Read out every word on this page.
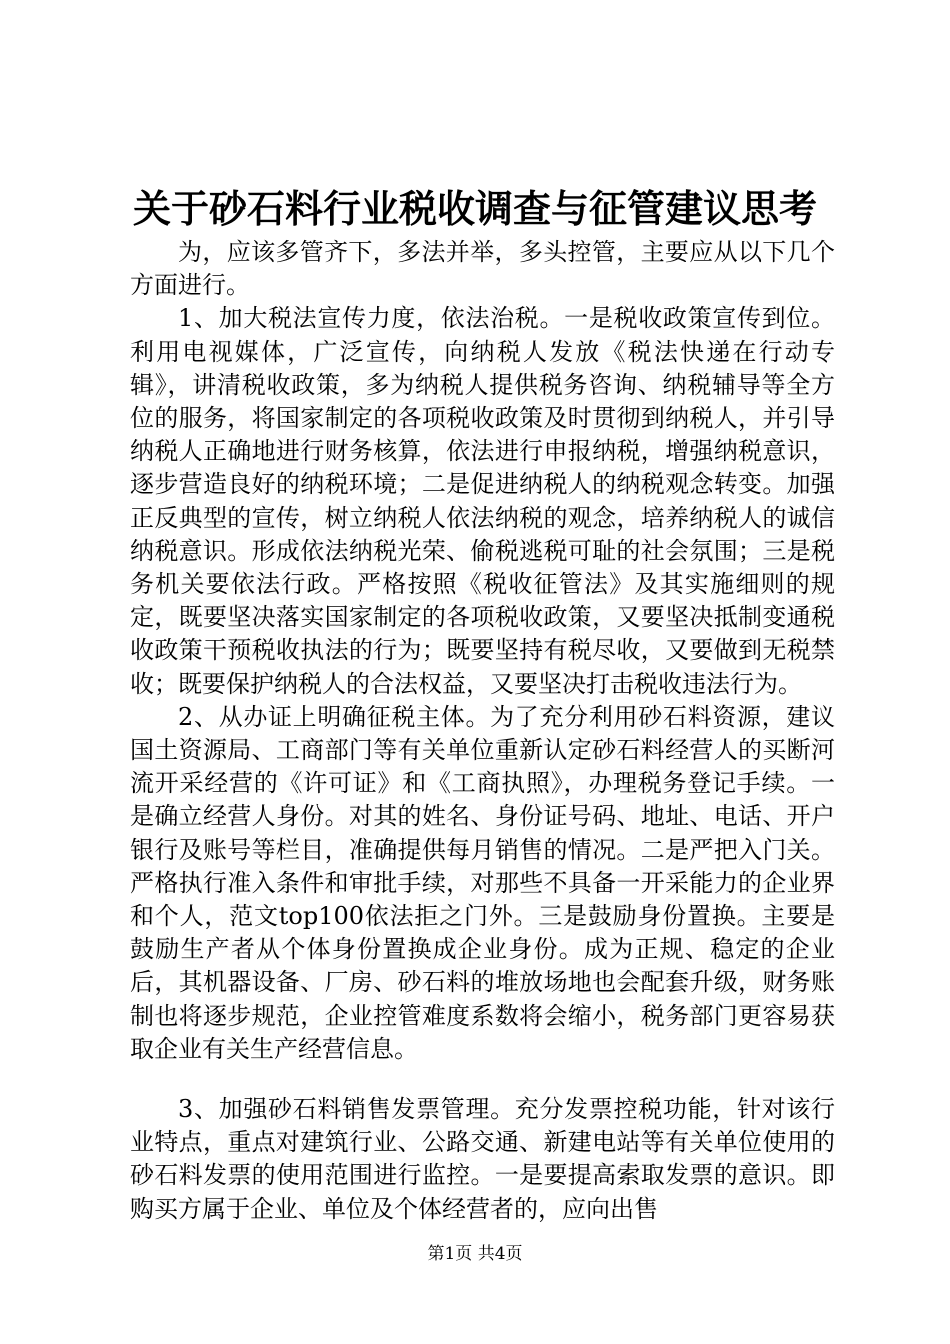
关于砂石料行业税收调查与征管建议思考

为，应该多管齐下，多法并举，多头控管，主要应从以下几个方面进行。

1、加大税法宣传力度，依法治税。一是税收政策宣传到位。利用电视媒体，广泛宣传，向纳税人发放《税法快递在行动专辑》，讲清税收政策，多为纳税人提供税务咨询、纳税辅导等全方位的服务，将国家制定的各项税收政策及时贯彻到纳税人，并引导纳税人正确地进行财务核算，依法进行申报纳税，增强纳税意识，逐步营造良好的纳税环境；二是促进纳税人的纳税观念转变。加强正反典型的宣传，树立纳税人依法纳税的观念，培养纳税人的诚信纳税意识。形成依法纳税光荣、偷税逃税可耻的社会氛围；三是税务机关要依法行政。严格按照《税收征管法》及其实施细则的规定，既要坚决落实国家制定的各项税收政策，又要坚决抵制变通税收政策干预税收执法的行为；既要坚持有税尽收，又要做到无税禁收；既要保护纳税人的合法权益，又要坚决打击税收违法行为。

2、从办证上明确征税主体。为了充分利用砂石料资源，建议国土资源局、工商部门等有关单位重新认定砂石料经营人的买断河流开采经营的《许可证》和《工商执照》，办理税务登记手续。一是确立经营人身份。对其的姓名、身份证号码、地址、电话、开户银行及账号等栏目，准确提供每月销售的情况。二是严把入门关。严格执行准入条件和审批手续，对那些不具备一开采能力的企业界和个人，范文top100依法拒之门外。三是鼓励身份置换。主要是鼓励生产者从个体身份置换成企业身份。成为正规、稳定的企业后，其机器设备、厂房、砂石料的堆放场地也会配套升级，财务账制也将逐步规范，企业控管难度系数将会缩小，税务部门更容易获取企业有关生产经营信息。

3、加强砂石料销售发票管理。充分发票控税功能，针对该行业特点，重点对建筑行业、公路交通、新建电站等有关单位使用的砂石料发票的使用范围进行监控。一是要提高索取发票的意识。即购买方属于企业、单位及个体经营者的，应向出售

第1页 共4页
